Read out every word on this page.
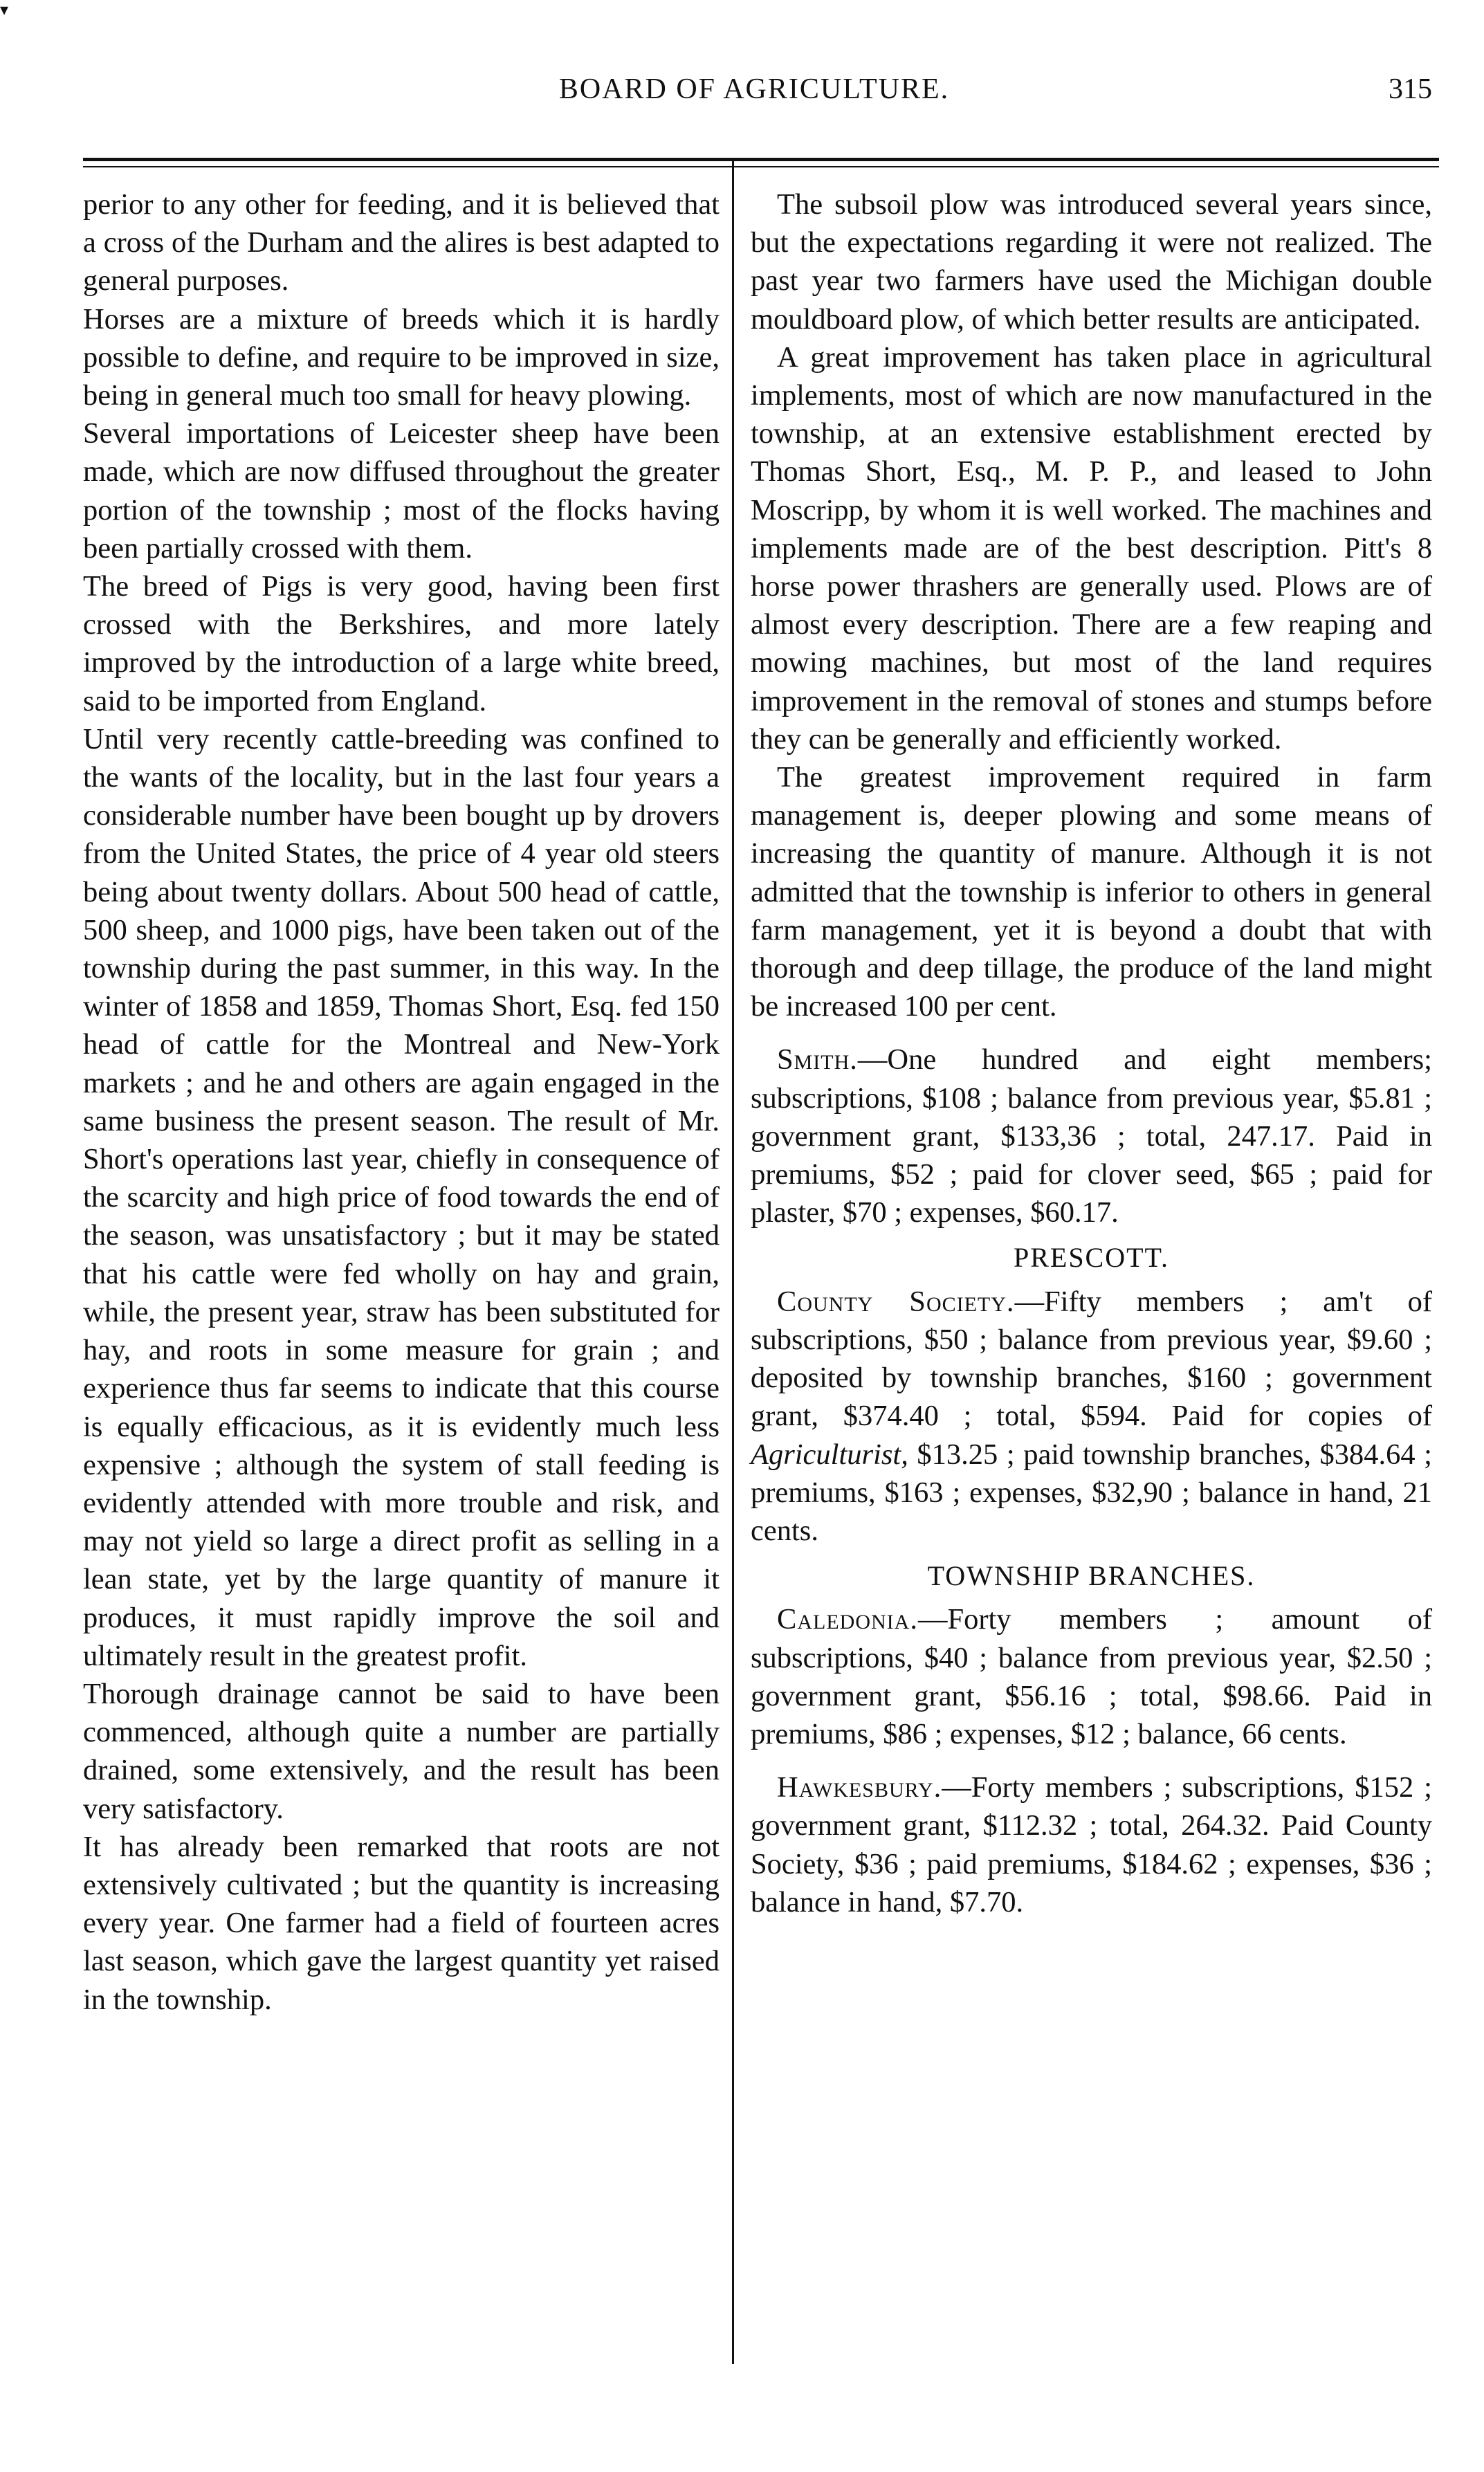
▾
BOARD OF AGRICULTURE.	315

perior to any other for feeding, and it is believed that a cross of the Durham and the alires is best adapted to general purposes.

Horses are a mixture of breeds which it is hardly possible to define, and require to be improved in size, being in general much too small for heavy plowing.

Several importations of Leicester sheep have been made, which are now diffused throughout the greater portion of the township ; most of the flocks having been partially crossed with them.

The breed of Pigs is very good, having been first crossed with the Berkshires, and more lately improved by the introduction of a large white breed, said to be imported from England.

Until very recently cattle-breeding was confined to the wants of the locality, but in the last four years a considerable number have been bought up by drovers from the United States, the price of 4 year old steers being about twenty dollars. About 500 head of cattle, 500 sheep, and 1000 pigs, have been taken out of the township during the past summer, in this way. In the winter of 1858 and 1859, Thomas Short, Esq. fed 150 head of cattle for the Montreal and New-York markets ; and he and others are again engaged in the same business the present season. The result of Mr. Short's operations last year, chiefly in consequence of the scarcity and high price of food towards the end of the season, was unsatisfactory ; but it may be stated that his cattle were fed wholly on hay and grain, while, the present year, straw has been substituted for hay, and roots in some measure for grain ; and experience thus far seems to indicate that this course is equally efficacious, as it is evidently much less expensive ; although the system of stall feeding is evidently attended with more trouble and risk, and may not yield so large a direct profit as selling in a lean state, yet by the large quantity of manure it produces, it must rapidly improve the soil and ultimately result in the greatest profit.

Thorough drainage cannot be said to have been commenced, although quite a number are partially drained, some extensively, and the result has been very satisfactory.

It has already been remarked that roots are not extensively cultivated ; but the quantity is increasing every year. One farmer had a field of fourteen acres last season, which gave the largest quantity yet raised in the township.

The subsoil plow was introduced several years since, but the expectations regarding it were not realized. The past year two farmers have used the Michigan double mouldboard plow, of which better results are anticipated.

A great improvement has taken place in agricultural implements, most of which are now manufactured in the township, at an extensive establishment erected by Thomas Short, Esq., M. P. P., and leased to John Moscripp, by whom it is well worked. The machines and implements made are of the best description. Pitt's 8 horse power thrashers are generally used. Plows are of almost every description. There are a few reaping and mowing machines, but most of the land requires improvement in the removal of stones and stumps before they can be generally and efficiently worked.

The greatest improvement required in farm management is, deeper plowing and some means of increasing the quantity of manure. Although it is not admitted that the township is inferior to others in general farm management, yet it is beyond a doubt that with thorough and deep tillage, the produce of the land might be increased 100 per cent.

Smith.—One hundred and eight members; subscriptions, $108 ; balance from previous year, $5.81 ; government grant, $133,36 ; total, 247.17. Paid in premiums, $52 ; paid for clover seed, $65 ; paid for plaster, $70 ; expenses, $60.17.

PRESCOTT.

County Society.—Fifty members ; am't of subscriptions, $50 ; balance from previous year, $9.60 ; deposited by township branches, $160 ; government grant, $374.40 ; total, $594. Paid for copies of Agriculturist, $13.25 ; paid township branches, $384.64 ; premiums, $163 ; expenses, $32,90 ; balance in hand, 21 cents.

TOWNSHIP BRANCHES.

Caledonia.—Forty members ; amount of subscriptions, $40 ; balance from previous year, $2.50 ; government grant, $56.16 ; total, $98.66. Paid in premiums, $86 ; expenses, $12 ; balance, 66 cents.

Hawkesbury.—Forty members ; subscriptions, $152 ; government grant, $112.32 ; total, 264.32. Paid County Society, $36 ; paid premiums, $184.62 ; expenses, $36 ; balance in hand, $7.70.
